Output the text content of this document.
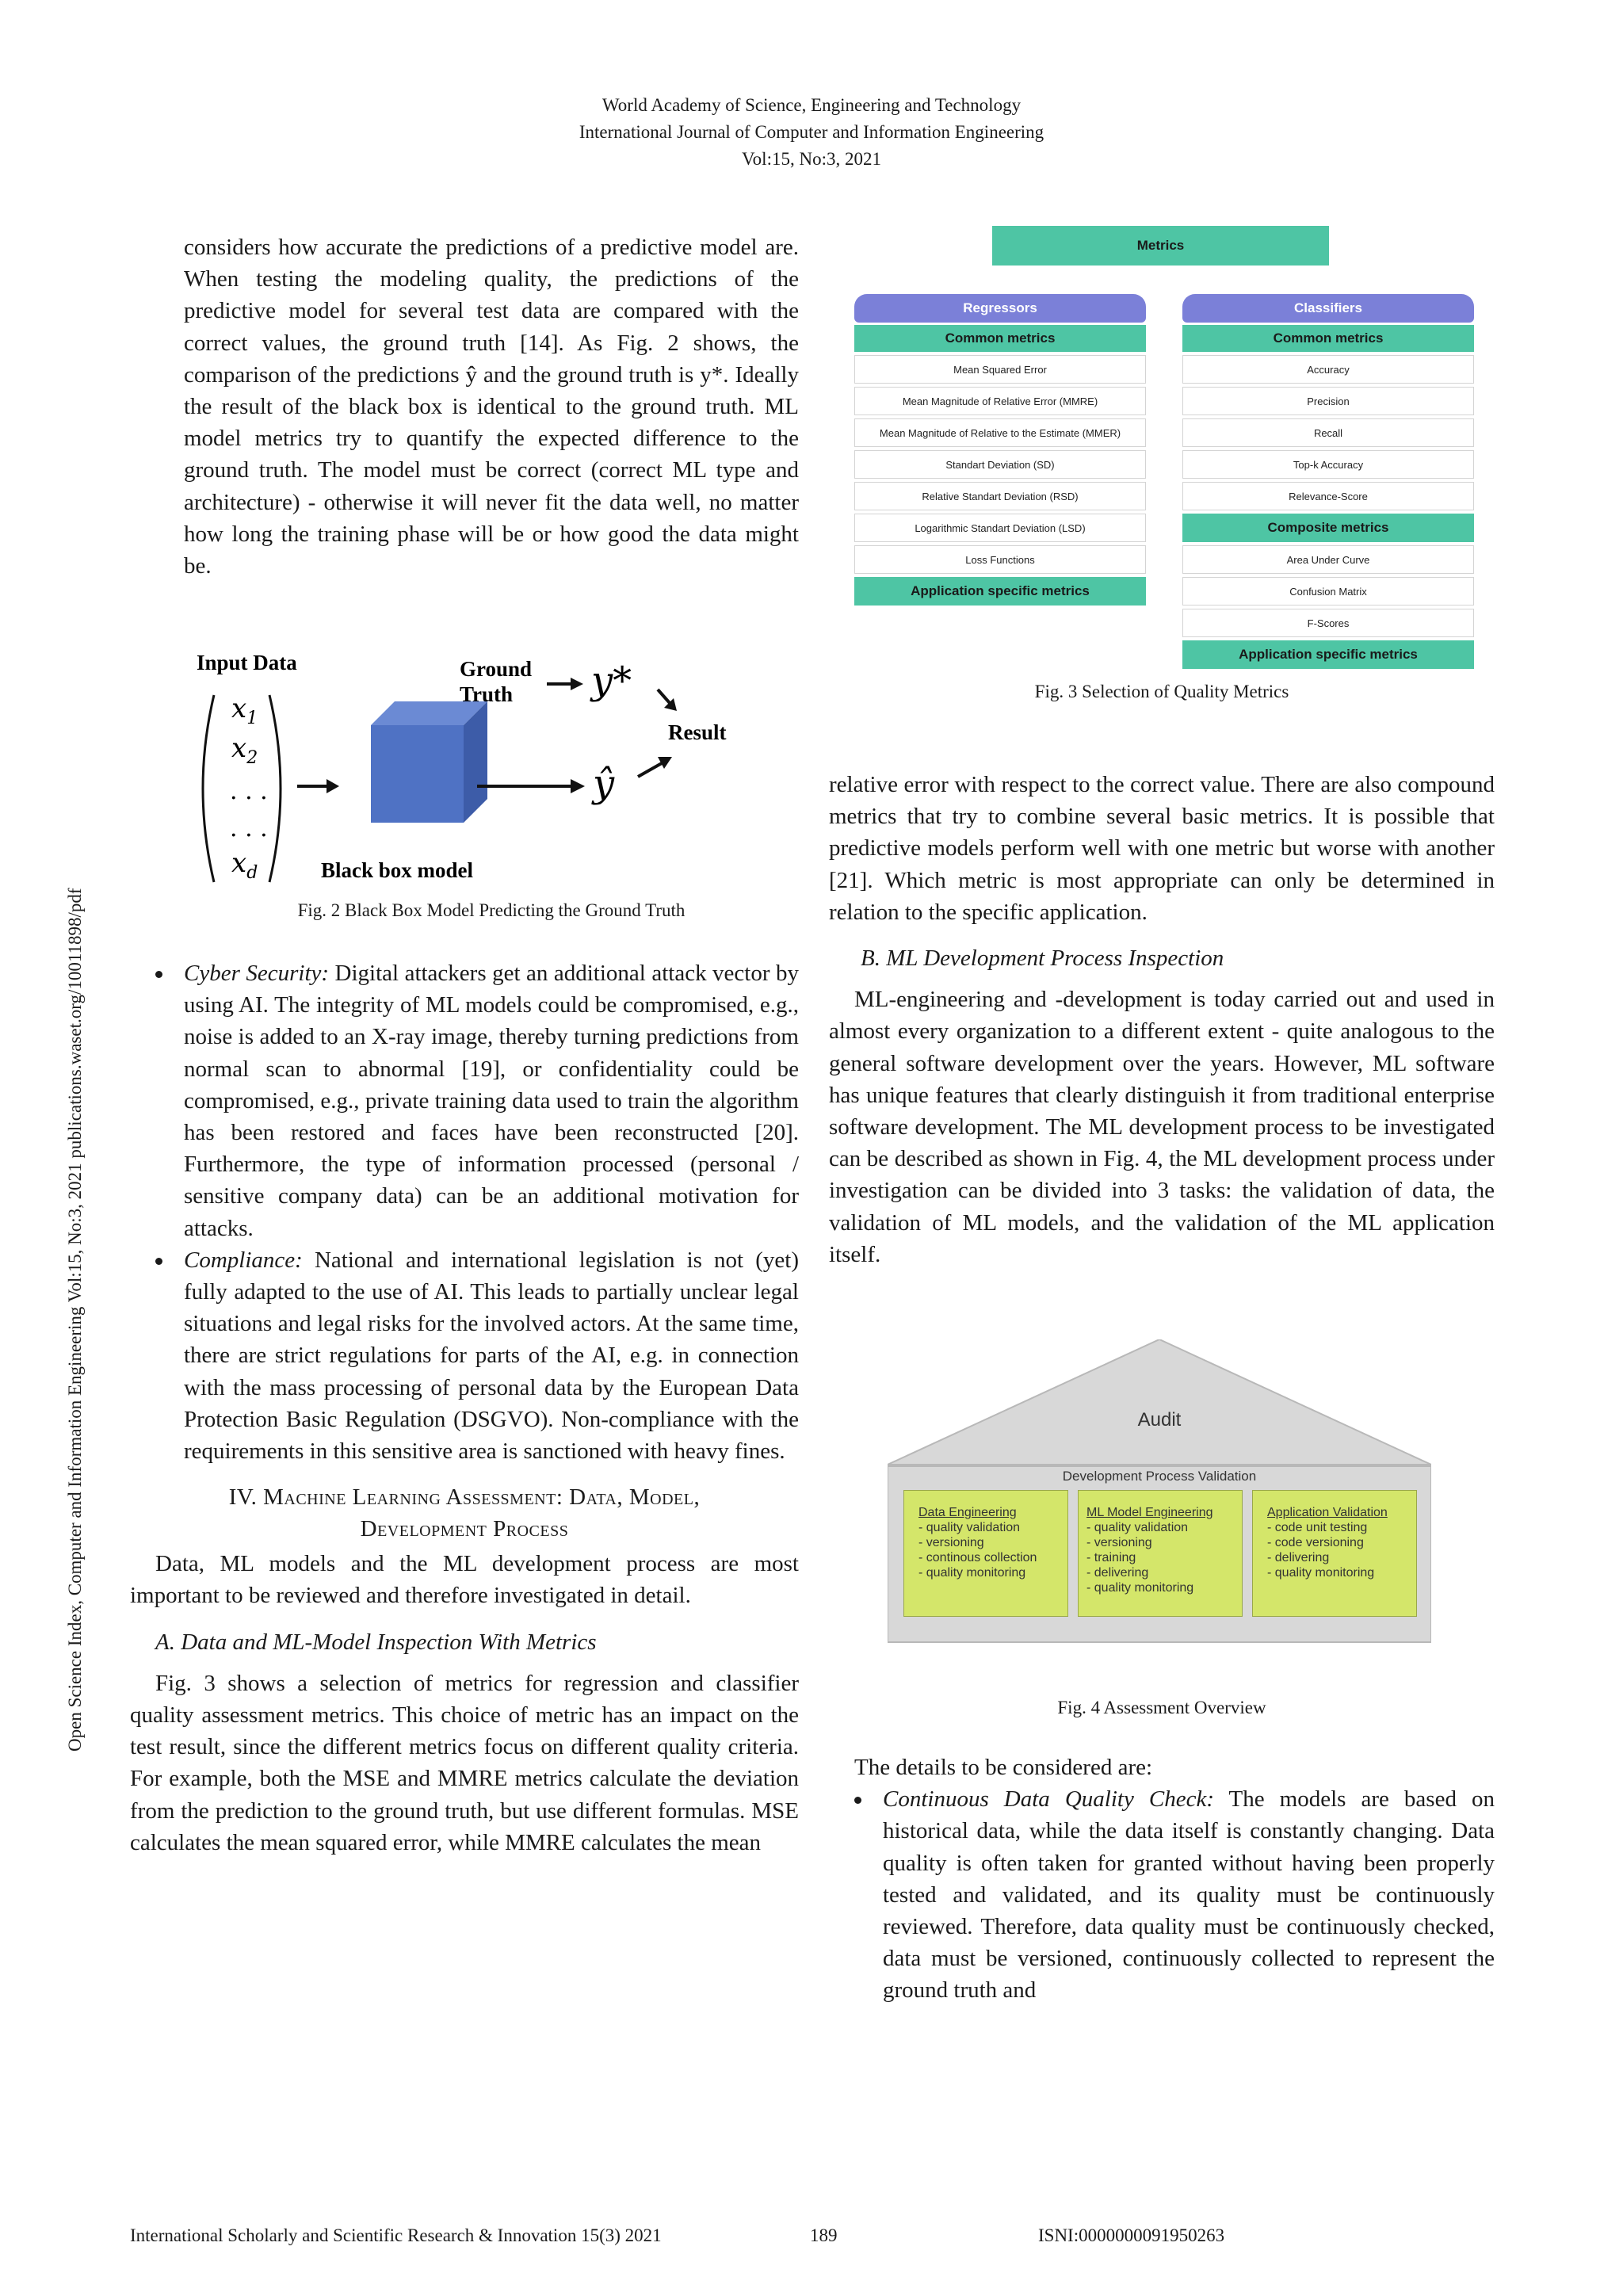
World Academy of Science, Engineering and Technology
International Journal of Computer and Information Engineering
Vol:15, No:3, 2021
Open Science Index, Computer and Information Engineering Vol:15, No:3, 2021 publications.waset.org/10011898/pdf

considers how accurate the predictions of a predictive model are. When testing the modeling quality, the predictions of the predictive model for several test data are compared with the correct values, the ground truth [14]. As Fig. 2 shows, the comparison of the predictions ŷ and the ground truth is y*. Ideally the result of the black box is identical to the ground truth. ML model metrics try to quantify the expected difference to the ground truth. The model must be correct (correct ML type and architecture) - otherwise it will never fit the data well, no matter how long the training phase will be or how good the data might be.

Input Data
$x_1$
$x_2$
. . .
. . .
$x_d$
ŷ
Ground
Truth y*
Result
Black box model
Fig. 2 Black Box Model Predicting the Ground Truth
Cyber Security: Digital attackers get an additional attack vector by using AI. The integrity of ML models could be compromised, e.g., noise is added to an X-ray image, thereby turning predictions from normal scan to abnormal [19], or confidentiality could be compromised, e.g., private training data used to train the algorithm has been restored and faces have been reconstructed [20]. Furthermore, the type of information processed (personal / sensitive company data) can be an additional motivation for attacks.
Compliance: National and international legislation is not (yet) fully adapted to the use of AI. This leads to partially unclear legal situations and legal risks for the involved actors. At the same time, there are strict regulations for parts of the AI, e.g. in connection with the mass processing of personal data by the European Data Protection Basic Regulation (DSGVO). Non-compliance with the requirements in this sensitive area is sanctioned with heavy fines.
IV. Machine Learning Assessment: Data, Model,
Development Process

Data, ML models and the ML development process are most important to be reviewed and therefore investigated in detail.

A. Data and ML-Model Inspection With Metrics

Fig. 3 shows a selection of metrics for regression and classifier quality assessment metrics. This choice of metric has an impact on the test result, since the different metrics focus on different quality criteria. For example, both the MSE and MMRE metrics calculate the deviation from the prediction to the ground truth, but use different formulas. MSE calculates the mean squared error, while MMRE calculates the mean

Metrics
Regressors
Common metrics
Mean Squared Error
Mean Magnitude of Relative Error (MMRE)
Mean Magnitude of Relative to the Estimate (MMER)
Standart Deviation (SD)
Relative Standart Deviation (RSD)
Logarithmic Standart Deviation (LSD)
Loss Functions
Application specific metrics
Classifiers
Common metrics
Accuracy
Precision
Recall
Top-k Accuracy
Relevance-Score
Composite metrics
Area Under Curve
Confusion Matrix
F-Scores
Application specific metrics
Fig. 3 Selection of Quality Metrics

relative error with respect to the correct value. There are also compound metrics that try to combine several basic metrics. It is possible that predictive models perform well with one metric but worse with another [21]. Which metric is most appropriate can only be determined in relation to the specific application.

B. ML Development Process Inspection

ML-engineering and -development is today carried out and used in almost every organization to a different extent - quite analogous to the general software development over the years. However, ML software has unique features that clearly distinguish it from traditional enterprise software development. The ML development process to be investigated can be described as shown in Fig. 4, the ML development process under investigation can be divided into 3 tasks: the validation of data, the validation of ML models, and the validation of the ML application itself.

Audit
Development Process Validation
Data Engineering
- quality validation
- versioning
- continous collection
- quality monitoring
ML Model Engineering
- quality validation
- versioning
- training
- delivering
- quality monitoring
Application Validation
- code unit testing
- code versioning
- delivering
- quality monitoring
Fig. 4 Assessment Overview

The details to be considered are:

Continuous Data Quality Check: The models are based on historical data, while the data itself is constantly changing. Data quality is often taken for granted without having been properly tested and validated, and its quality must be continuously reviewed. Therefore, data quality must be continuously checked, data must be versioned, continuously collected to represent the ground truth and
International Scholarly and Scientific Research & Innovation 15(3) 2021	189	ISNI:0000000091950263
